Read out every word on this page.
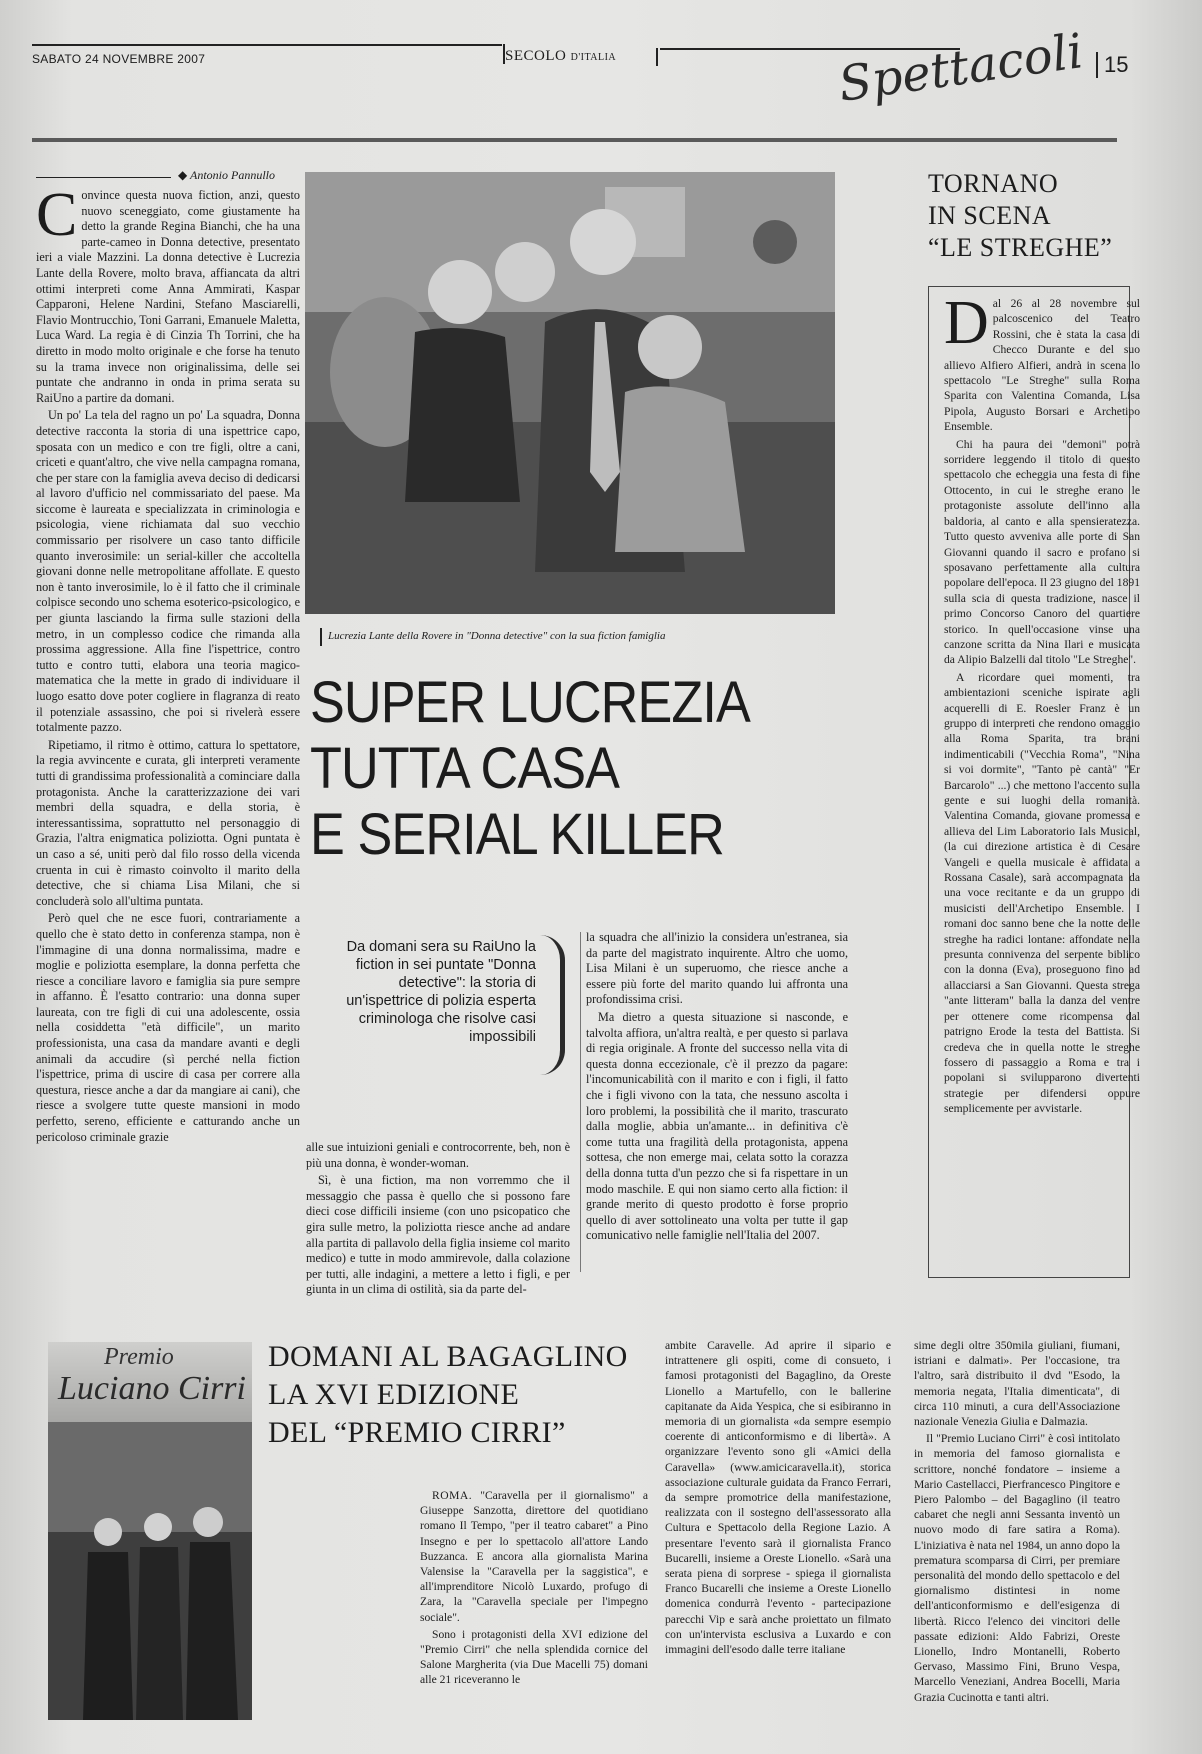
SABATO 24 NOVEMBRE 2007	SECOLO D'ITALIA	Spettacoli 15
◆ Antonio Pannullo

Convince questa nuova fiction, anzi, questo nuovo sceneggiato, come giustamente ha detto la grande Regina Bianchi, che ha una parte-cameo in Donna detective, presentato ieri a viale Mazzini. La donna detective è Lucrezia Lante della Rovere, molto brava, affiancata da altri ottimi interpreti come Anna Ammirati, Kaspar Capparoni, Helene Nardini, Stefano Masciarelli, Flavio Montrucchio, Toni Garrani, Emanuele Maletta, Luca Ward. La regia è di Cinzia Th Torrini, che ha diretto in modo molto originale e che forse ha tenuto su la trama invece non originalissima, delle sei puntate che andranno in onda in prima serata su RaiUno a partire da domani.

Un po' La tela del ragno un po' La squadra, Donna detective racconta la storia di una ispettrice capo, sposata con un medico e con tre figli, oltre a cani, criceti e quant'altro, che vive nella campagna romana, che per stare con la famiglia aveva deciso di dedicarsi al lavoro d'ufficio nel commissariato del paese. Ma siccome è laureata e specializzata in criminologia e psicologia, viene richiamata dal suo vecchio commissario per risolvere un caso tanto difficile quanto inverosimile: un serial-killer che accoltella giovani donne nelle metropolitane affollate. E questo non è tanto inverosimile, lo è il fatto che il criminale colpisce secondo uno schema esoterico-psicologico, e per giunta lasciando la firma sulle stazioni della metro, in un complesso codice che rimanda alla prossima aggressione. Alla fine l'ispettrice, contro tutto e contro tutti, elabora una teoria magico-matematica che la mette in grado di individuare il luogo esatto dove poter cogliere in flagranza di reato il potenziale assassino, che poi si rivelerà essere totalmente pazzo.

Ripetiamo, il ritmo è ottimo, cattura lo spettatore, la regia avvincente e curata, gli interpreti veramente tutti di grandissima professionalità a cominciare dalla protagonista. Anche la caratterizzazione dei vari membri della squadra, e della storia, è interessantissima, soprattutto nel personaggio di Grazia, l'altra enigmatica poliziotta. Ogni puntata è un caso a sé, uniti però dal filo rosso della vicenda cruenta in cui è rimasto coinvolto il marito della detective, che si chiama Lisa Milani, che si concluderà solo all'ultima puntata.

Però quel che ne esce fuori, contrariamente a quello che è stato detto in conferenza stampa, non è l'immagine di una donna normalissima, madre e moglie e poliziotta esemplare, la donna perfetta che riesce a conciliare lavoro e famiglia sia pure sempre in affanno. È l'esatto contrario: una donna super laureata, con tre figli di cui una adolescente, ossia nella cosiddetta "età difficile", un marito professionista, una casa da mandare avanti e degli animali da accudire (sì perché nella fiction l'ispettrice, prima di uscire di casa per correre alla questura, riesce anche a dar da mangiare ai cani), che riesce a svolgere tutte queste mansioni in modo perfetto, sereno, efficiente e catturando anche un pericoloso criminale grazie

Lucrezia Lante della Rovere in "Donna detective" con la sua fiction famiglia
SUPER LUCREZIA
TUTTA CASA
E SERIAL KILLER
Da domani sera su RaiUno la fiction in sei puntate "Donna detective": la storia di un'ispettrice di polizia esperta criminologa che risolve casi impossibili

alle sue intuizioni geniali e controcorrente, beh, non è più una donna, è wonder-woman.

Sì, è una fiction, ma non vorremmo che il messaggio che passa è quello che si possono fare dieci cose difficili insieme (con uno psicopatico che gira sulle metro, la poliziotta riesce anche ad andare alla partita di pallavolo della figlia insieme col marito medico) e tutte in modo ammirevole, dalla colazione per tutti, alle indagini, a mettere a letto i figli, e per giunta in un clima di ostilità, sia da parte del-

la squadra che all'inizio la considera un'estranea, sia da parte del magistrato inquirente. Altro che uomo, Lisa Milani è un superuomo, che riesce anche a essere più forte del marito quando lui affronta una profondissima crisi.

Ma dietro a questa situazione si nasconde, e talvolta affiora, un'altra realtà, e per questo si parlava di regia originale. A fronte del successo nella vita di questa donna eccezionale, c'è il prezzo da pagare: l'incomunicabilità con il marito e con i figli, il fatto che i figli vivono con la tata, che nessuno ascolta i loro problemi, la possibilità che il marito, trascurato dalla moglie, abbia un'amante... in definitiva c'è come tutta una fragilità della protagonista, appena sottesa, che non emerge mai, celata sotto la corazza della donna tutta d'un pezzo che si fa rispettare in un modo maschile. E qui non siamo certo alla fiction: il grande merito di questo prodotto è forse proprio quello di aver sottolineato una volta per tutte il gap comunicativo nelle famiglie nell'Italia del 2007.

TORNANO
IN SCENA
“LE STREGHE”

Dal 26 al 28 novembre sul palcoscenico del Teatro Rossini, che è stata la casa di Checco Durante e del suo allievo Alfiero Alfieri, andrà in scena lo spettacolo "Le Streghe" sulla Roma Sparita con Valentina Comanda, Lisa Pipola, Augusto Borsari e Archetipo Ensemble.

Chi ha paura dei "demoni" potrà sorridere leggendo il titolo di questo spettacolo che echeggia una festa di fine Ottocento, in cui le streghe erano le protagoniste assolute dell'inno alla baldoria, al canto e alla spensieratezza. Tutto questo avveniva alle porte di San Giovanni quando il sacro e profano si sposavano perfettamente alla cultura popolare dell'epoca. Il 23 giugno del 1891 sulla scia di questa tradizione, nasce il primo Concorso Canoro del quartiere storico. In quell'occasione vinse una canzone scritta da Nina Ilari e musicata da Alipio Balzelli dal titolo "Le Streghe".

A ricordare quei momenti, tra ambientazioni sceniche ispirate agli acquerelli di E. Roesler Franz è un gruppo di interpreti che rendono omaggio alla Roma Sparita, tra brani indimenticabili ("Vecchia Roma", "Nina si voi dormite", "Tanto pè cantà" "Er Barcarolo" ...) che mettono l'accento sulla gente e sui luoghi della romanità. Valentina Comanda, giovane promessa e allieva del Lim Laboratorio Ials Musical, (la cui direzione artistica è di Cesare Vangeli e quella musicale è affidata a Rossana Casale), sarà accompagnata da una voce recitante e da un gruppo di musicisti dell'Archetipo Ensemble. I romani doc sanno bene che la notte delle streghe ha radici lontane: affondate nella presunta connivenza del serpente biblico con la donna (Eva), proseguono fino ad allacciarsi a San Giovanni. Questa strega "ante litteram" balla la danza del ventre per ottenere come ricompensa dal patrigno Erode la testa del Battista. Si credeva che in quella notte le streghe fossero di passaggio a Roma e tra i popolani si svilupparono divertenti strategie per difendersi oppure semplicemente per avvistarle.

Premio
Luciano Cirri
DOMANI AL BAGAGLINO
LA XVI EDIZIONE
DEL “PREMIO CIRRI”

ROMA. "Caravella per il giornalismo" a Giuseppe Sanzotta, direttore del quotidiano romano Il Tempo, "per il teatro cabaret" a Pino Insegno e per lo spettacolo all'attore Lando Buzzanca. E ancora alla giornalista Marina Valensise la "Caravella per la saggistica", e all'imprenditore Nicolò Luxardo, profugo di Zara, la "Caravella speciale per l'impegno sociale".

Sono i protagonisti della XVI edizione del "Premio Cirri" che nella splendida cornice del Salone Margherita (via Due Macelli 75) domani alle 21 riceveranno le

ambite Caravelle. Ad aprire il sipario e intrattenere gli ospiti, come di consueto, i famosi protagonisti del Bagaglino, da Oreste Lionello a Martufello, con le ballerine capitanate da Aida Yespica, che si esibiranno in memoria di un giornalista «da sempre esempio coerente di anticonformismo e di libertà». A organizzare l'evento sono gli «Amici della Caravella» (www.amicicaravella.it), storica associazione culturale guidata da Franco Ferrari, da sempre promotrice della manifestazione, realizzata con il sostegno dell'assessorato alla Cultura e Spettacolo della Regione Lazio. A presentare l'evento sarà il giornalista Franco Bucarelli, insieme a Oreste Lionello. «Sarà una serata piena di sorprese - spiega il giornalista Franco Bucarelli che insieme a Oreste Lionello domenica condurrà l'evento - partecipazione parecchi Vip e sarà anche proiettato un filmato con un'intervista esclusiva a Luxardo e con immagini dell'esodo dalle terre italiane

sime degli oltre 350mila giuliani, fiumani, istriani e dalmati». Per l'occasione, tra l'altro, sarà distribuito il dvd "Esodo, la memoria negata, l'Italia dimenticata", di circa 110 minuti, a cura dell'Associazione nazionale Venezia Giulia e Dalmazia.

Il "Premio Luciano Cirri" è così intitolato in memoria del famoso giornalista e scrittore, nonché fondatore – insieme a Mario Castellacci, Pierfrancesco Pingitore e Piero Palombo – del Bagaglino (il teatro cabaret che negli anni Sessanta inventò un nuovo modo di fare satira a Roma). L'iniziativa è nata nel 1984, un anno dopo la prematura scomparsa di Cirri, per premiare personalità del mondo dello spettacolo e del giornalismo distintesi in nome dell'anticonformismo e dell'esigenza di libertà. Ricco l'elenco dei vincitori delle passate edizioni: Aldo Fabrizi, Oreste Lionello, Indro Montanelli, Roberto Gervaso, Massimo Fini, Bruno Vespa, Marcello Veneziani, Andrea Bocelli, Maria Grazia Cucinotta e tanti altri.
